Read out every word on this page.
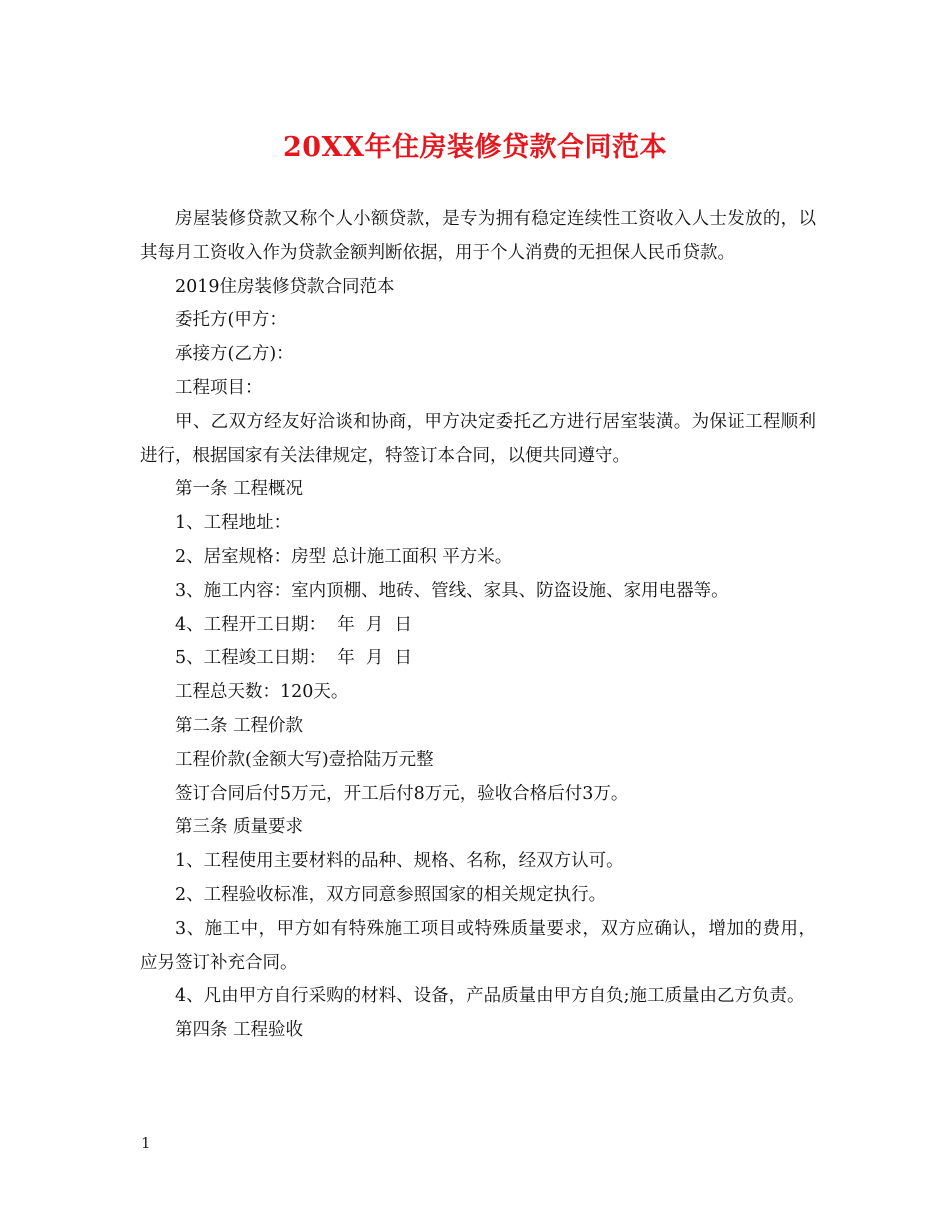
20XX年住房装修贷款合同范本

房屋装修贷款又称个人小额贷款，是专为拥有稳定连续性工资收入人士发放的，以其每月工资收入作为贷款金额判断依据，用于个人消费的无担保人民币贷款。

2019住房装修贷款合同范本

委托方(甲方：

承接方(乙方)：

工程项目：

甲、乙双方经友好洽谈和协商，甲方决定委托乙方进行居室装潢。为保证工程顺利进行，根据国家有关法律规定，特签订本合同，以便共同遵守。

第一条 工程概况

1、工程地址：

2、居室规格：房型 总计施工面积 平方米。

3、施工内容：室内顶棚、地砖、管线、家具、防盗设施、家用电器等。

4、工程开工日期：  年  月  日

5、工程竣工日期：  年  月  日

工程总天数：120天。

第二条 工程价款

工程价款(金额大写)壹拾陆万元整

签订合同后付5万元，开工后付8万元，验收合格后付3万。

第三条 质量要求

1、工程使用主要材料的品种、规格、名称，经双方认可。

2、工程验收标准，双方同意参照国家的相关规定执行。

3、施工中，甲方如有特殊施工项目或特殊质量要求，双方应确认，增加的费用，应另签订补充合同。

4、凡由甲方自行采购的材料、设备，产品质量由甲方自负;施工质量由乙方负责。

第四条 工程验收

1
